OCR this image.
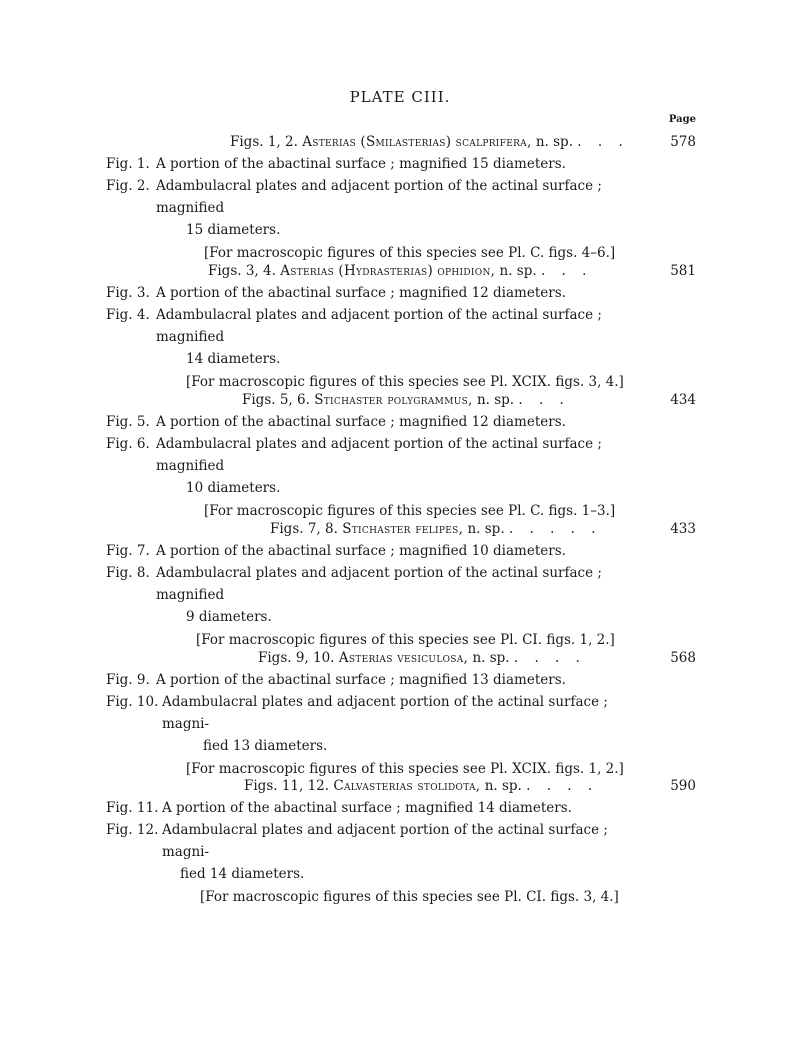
PLATE CIII.
Page
Figs. 1, 2. Asterias (Smilasterias) scalprifera, n. sp. . . .	578
Fig. 1. A portion of the abactinal surface ; magnified 15 diameters.
Fig. 2. Adambulacral plates and adjacent portion of the actinal surface ; magnified
15 diameters.
[For macroscopic figures of this species see Pl. C. figs. 4–6.]
Figs. 3, 4. Asterias (Hydrasterias) ophidion, n. sp. . . .	581
Fig. 3. A portion of the abactinal surface ; magnified 12 diameters.
Fig. 4. Adambulacral plates and adjacent portion of the actinal surface ; magnified
14 diameters.
[For macroscopic figures of this species see Pl. XCIX. figs. 3, 4.]
Figs. 5, 6. Stichaster polygrammus, n. sp. . . .	434
Fig. 5. A portion of the abactinal surface ; magnified 12 diameters.
Fig. 6. Adambulacral plates and adjacent portion of the actinal surface ; magnified
10 diameters.
[For macroscopic figures of this species see Pl. C. figs. 1–3.]
Figs. 7, 8. Stichaster felipes, n. sp. . . . . .	433
Fig. 7. A portion of the abactinal surface ; magnified 10 diameters.
Fig. 8. Adambulacral plates and adjacent portion of the actinal surface ; magnified
9 diameters.
[For macroscopic figures of this species see Pl. CI. figs. 1, 2.]
Figs. 9, 10. Asterias vesiculosa, n. sp. . . . .	568
Fig. 9. A portion of the abactinal surface ; magnified 13 diameters.
Fig. 10. Adambulacral plates and adjacent portion of the actinal surface ; magni-
fied 13 diameters.
[For macroscopic figures of this species see Pl. XCIX. figs. 1, 2.]
Figs. 11, 12. Calvasterias stolidota, n. sp. . . . .	590
Fig. 11. A portion of the abactinal surface ; magnified 14 diameters.
Fig. 12. Adambulacral plates and adjacent portion of the actinal surface ; magni-
fied 14 diameters.
[For macroscopic figures of this species see Pl. CI. figs. 3, 4.]
